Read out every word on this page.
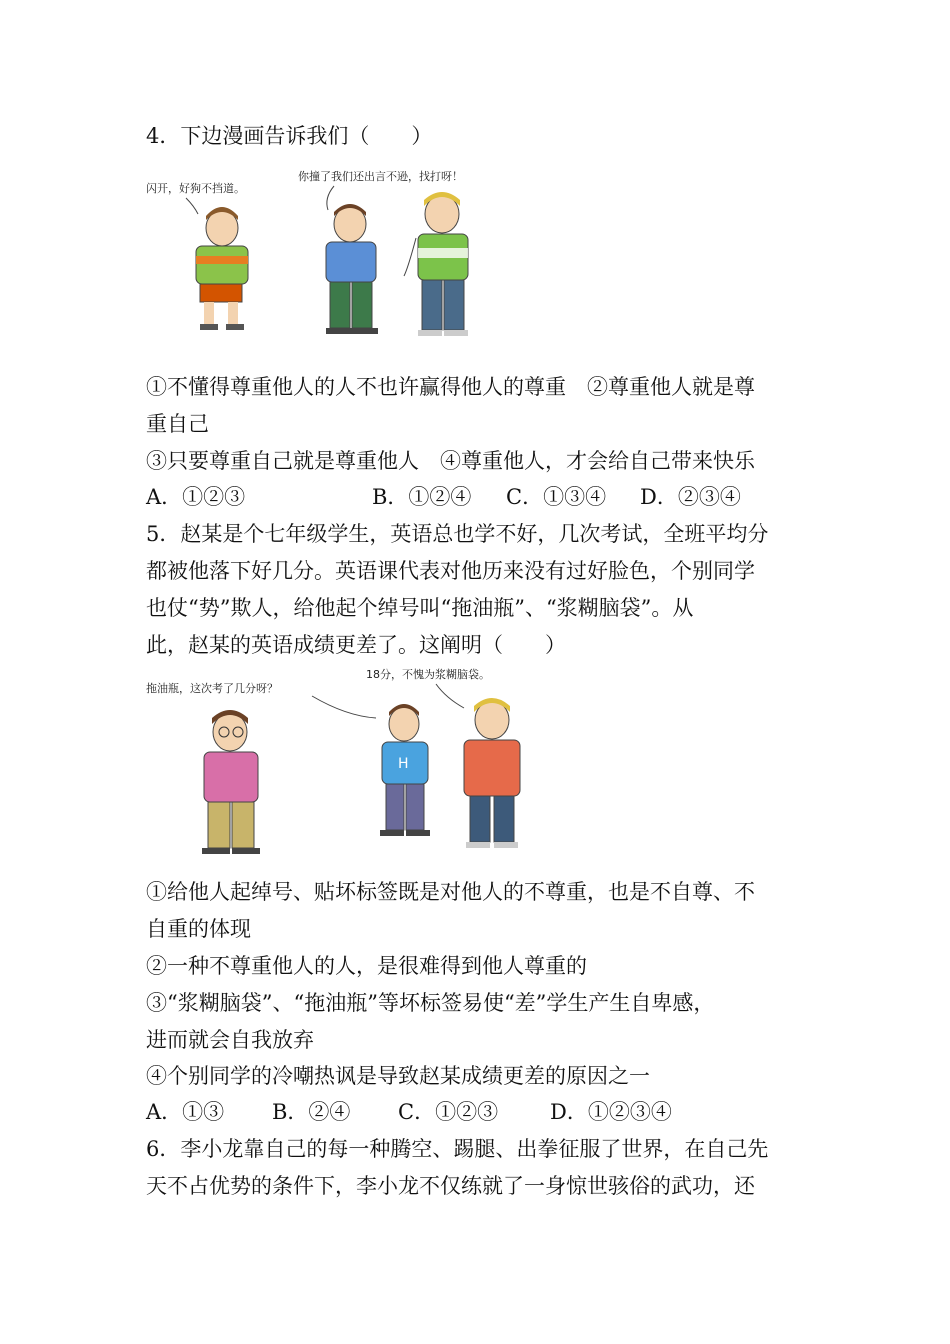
4．下边漫画告诉我们（　　）
闪开，好狗不挡道。
你撞了我们还出言不逊，找打呀！
①不懂得尊重他人的人不也许赢得他人的尊重　②尊重他人就是尊
重自己
③只要尊重自己就是尊重他人　④尊重他人，才会给自己带来快乐
A．①②③	B．①②④ C．①③④ D．②③④
5．赵某是个七年级学生，英语总也学不好，几次考试，全班平均分
都被他落下好几分。英语课代表对他历来没有过好脸色，个别同学
也仗“势”欺人，给他起个绰号叫“拖油瓶”、“浆糊脑袋”。从
此，赵某的英语成绩更差了。这阐明（　　）
拖油瓶，这次考了几分呀？
18分，不愧为浆糊脑袋。
H
①给他人起绰号、贴坏标签既是对他人的不尊重，也是不自尊、不
自重的体现
②一种不尊重他人的人，是很难得到他人尊重的
③“浆糊脑袋”、“拖油瓶”等坏标签易使“差”学生产生自卑感，
进而就会自我放弃
④个别同学的冷嘲热讽是导致赵某成绩更差的原因之一
A．①③ B．②④ C．①②③ D．①②③④
6．李小龙靠自己的每一种腾空、踢腿、出拳征服了世界，在自己先
天不占优势的条件下，李小龙不仅练就了一身惊世骇俗的武功，还
